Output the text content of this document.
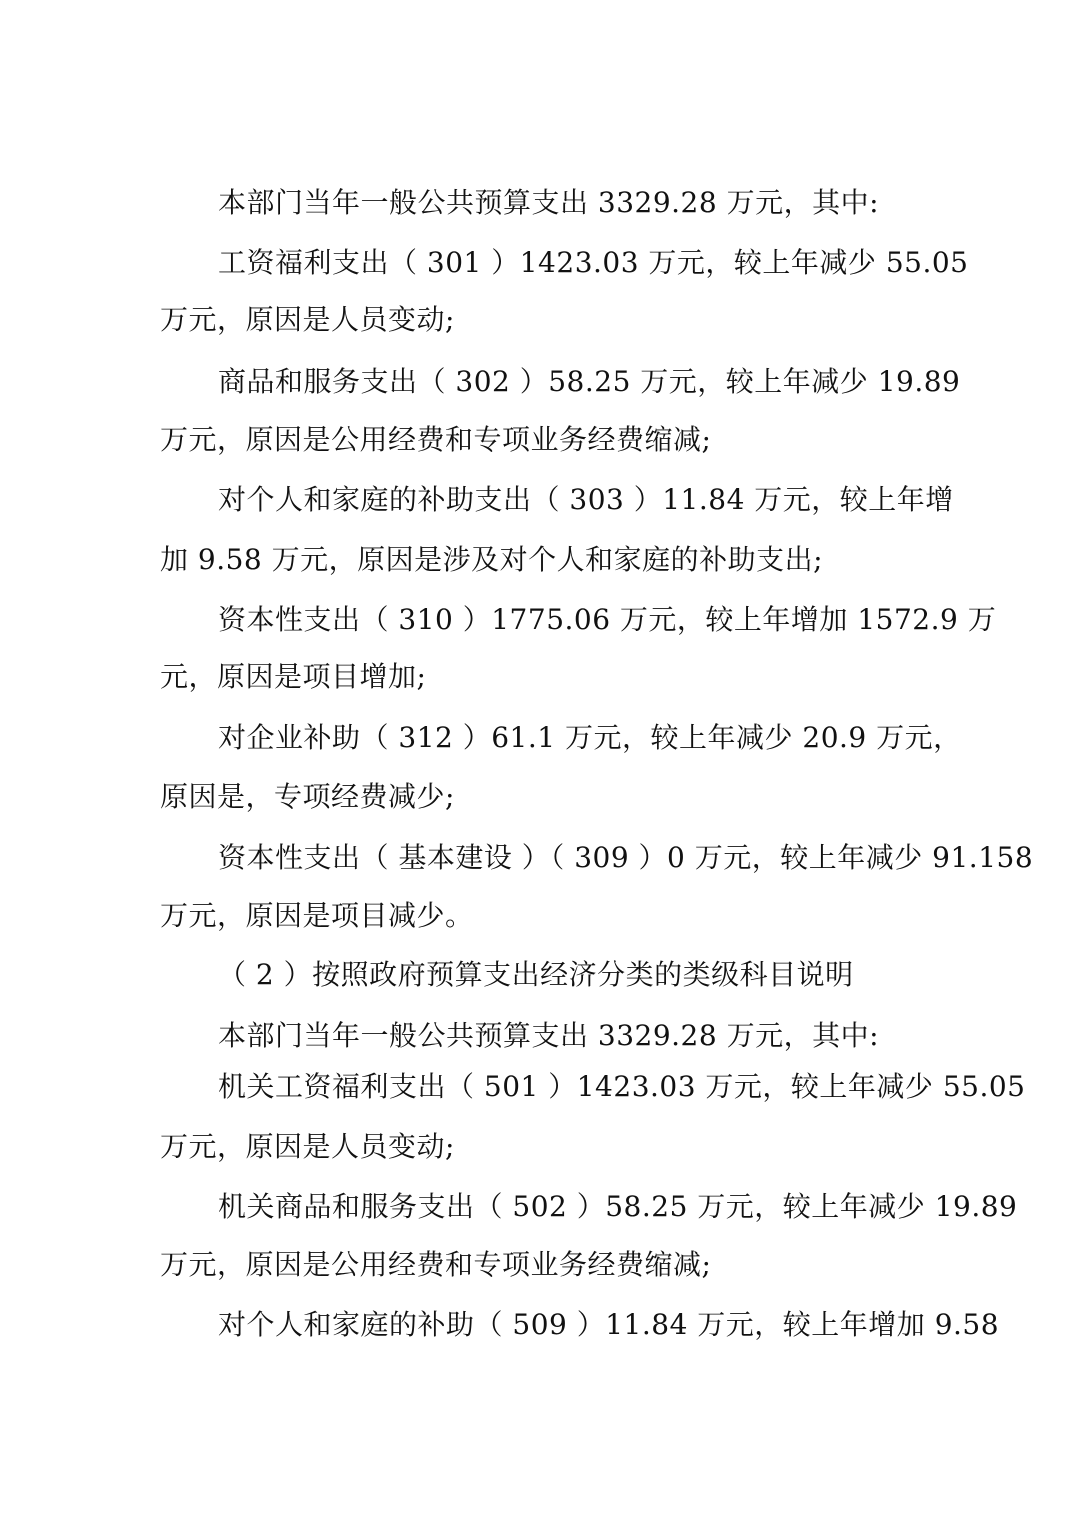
本部门当年一般公共预算支出 3329.28 万元，其中:
工资福利支出（ 301 ）1423.03 万元，较上年减少 55.05
万元，原因是人员变动;
商品和服务支出（ 302 ）58.25 万元，较上年减少 19.89
万元，原因是公用经费和专项业务经费缩减;
对个人和家庭的补助支出（ 303 ）11.84 万元，较上年增
加 9.58 万元，原因是涉及对个人和家庭的补助支出;
资本性支出（ 310 ）1775.06 万元，较上年增加 1572.9 万
元，原因是项目增加;
对企业补助（ 312 ）61.1 万元，较上年减少 20.9 万元，
原因是，专项经费减少;
资本性支出（ 基本建设 ）（ 309 ）0 万元，较上年减少 91.158
万元，原因是项目减少。
（ 2 ）按照政府预算支出经济分类的类级科目说明
本部门当年一般公共预算支出 3329.28 万元，其中:
机关工资福利支出（ 501 ）1423.03 万元，较上年减少 55.05
万元，原因是人员变动;
机关商品和服务支出（ 502 ）58.25 万元，较上年减少 19.89
万元，原因是公用经费和专项业务经费缩减;
对个人和家庭的补助（ 509 ）11.84 万元，较上年增加 9.58
